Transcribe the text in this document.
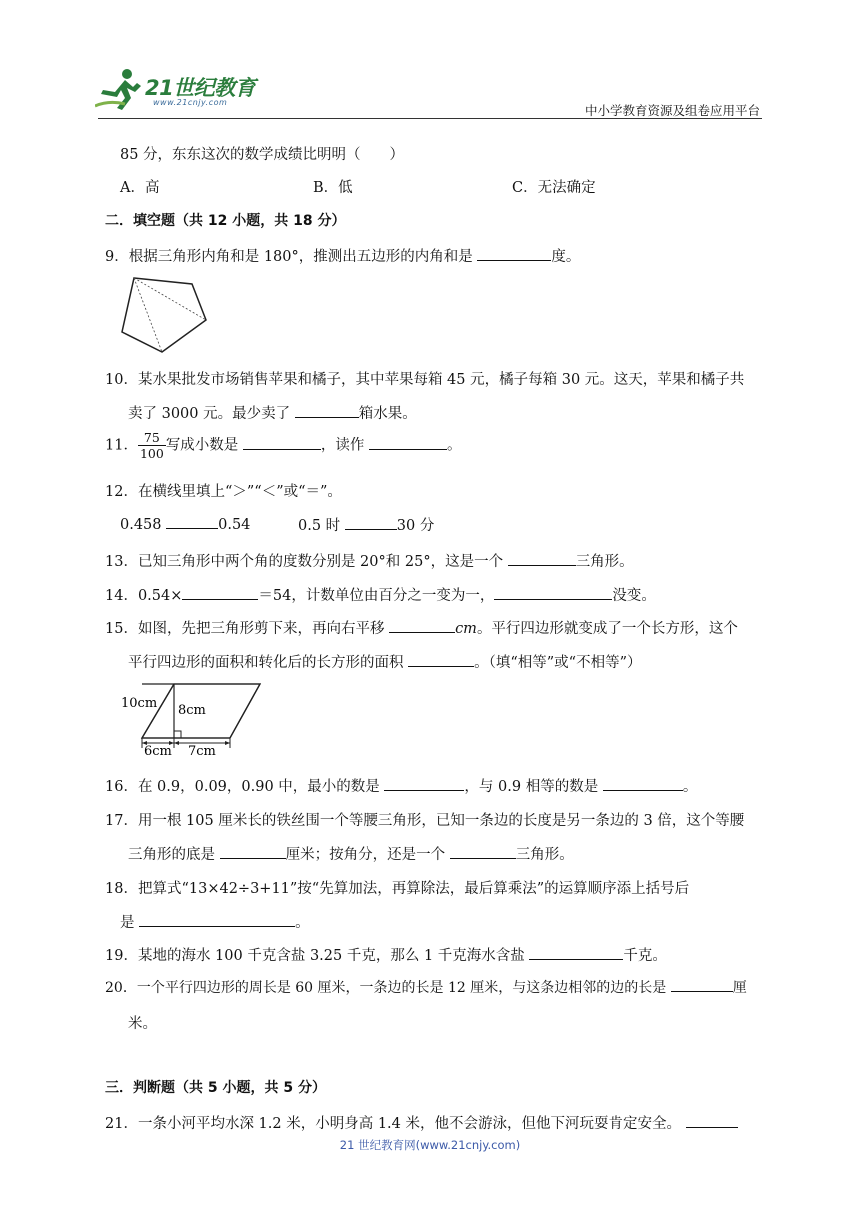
21世纪教育
www.21cnjy.com
中小学教育资源及组卷应用平台
85 分，东东这次的数学成绩比明明（　　）
A．高	B．低	C．无法确定
二．填空题（共 12 小题，共 18 分）
9．根据三角形内角和是 180°，推测出五边形的内角和是	度。
10．某水果批发市场销售苹果和橘子，其中苹果每箱 45 元，橘子每箱 30 元。这天，苹果和橘子共
卖了 3000 元。最少卖了	箱水果。
11． $\frac{75}{100}$ 写成小数是	，读作	。
12．在横线里填上“＞”“＜”或“＝”。
0.458	0.54	0.5 时	30 分
13．已知三角形中两个角的度数分别是 20°和 25°，这是一个	三角形。
14．0.54×	＝54，计数单位由百分之一变为一，	没变。
15．如图，先把三角形剪下来，再向右平移	cm。平行四边形就变成了一个长方形，这个
平行四边形的面积和转化后的长方形的面积	。（填“相等”或“不相等”）
10cm 8cm
6cm 7cm
16．在 0.9，0.09，0.90 中，最小的数是	，与 0.9 相等的数是	。
17．用一根 105 厘米长的铁丝围一个等腰三角形，已知一条边的长度是另一条边的 3 倍，这个等腰
三角形的底是	厘米；按角分，还是一个	三角形。
18．把算式“13×42÷3+11”按“先算加法，再算除法，最后算乘法”的运算顺序添上括号后
是	。
19．某地的海水 100 千克含盐 3.25 千克，那么 1 千克海水含盐	千克。
20．一个平行四边形的周长是 60 厘米，一条边的长是 12 厘米，与这条边相邻的边的长是	厘
米。
三．判断题（共 5 小题，共 5 分）
21．一条小河平均水深 1.2 米，小明身高 1.4 米，他不会游泳，但他下河玩耍肯定安全。
21 世纪教育网(www.21cnjy.com)
